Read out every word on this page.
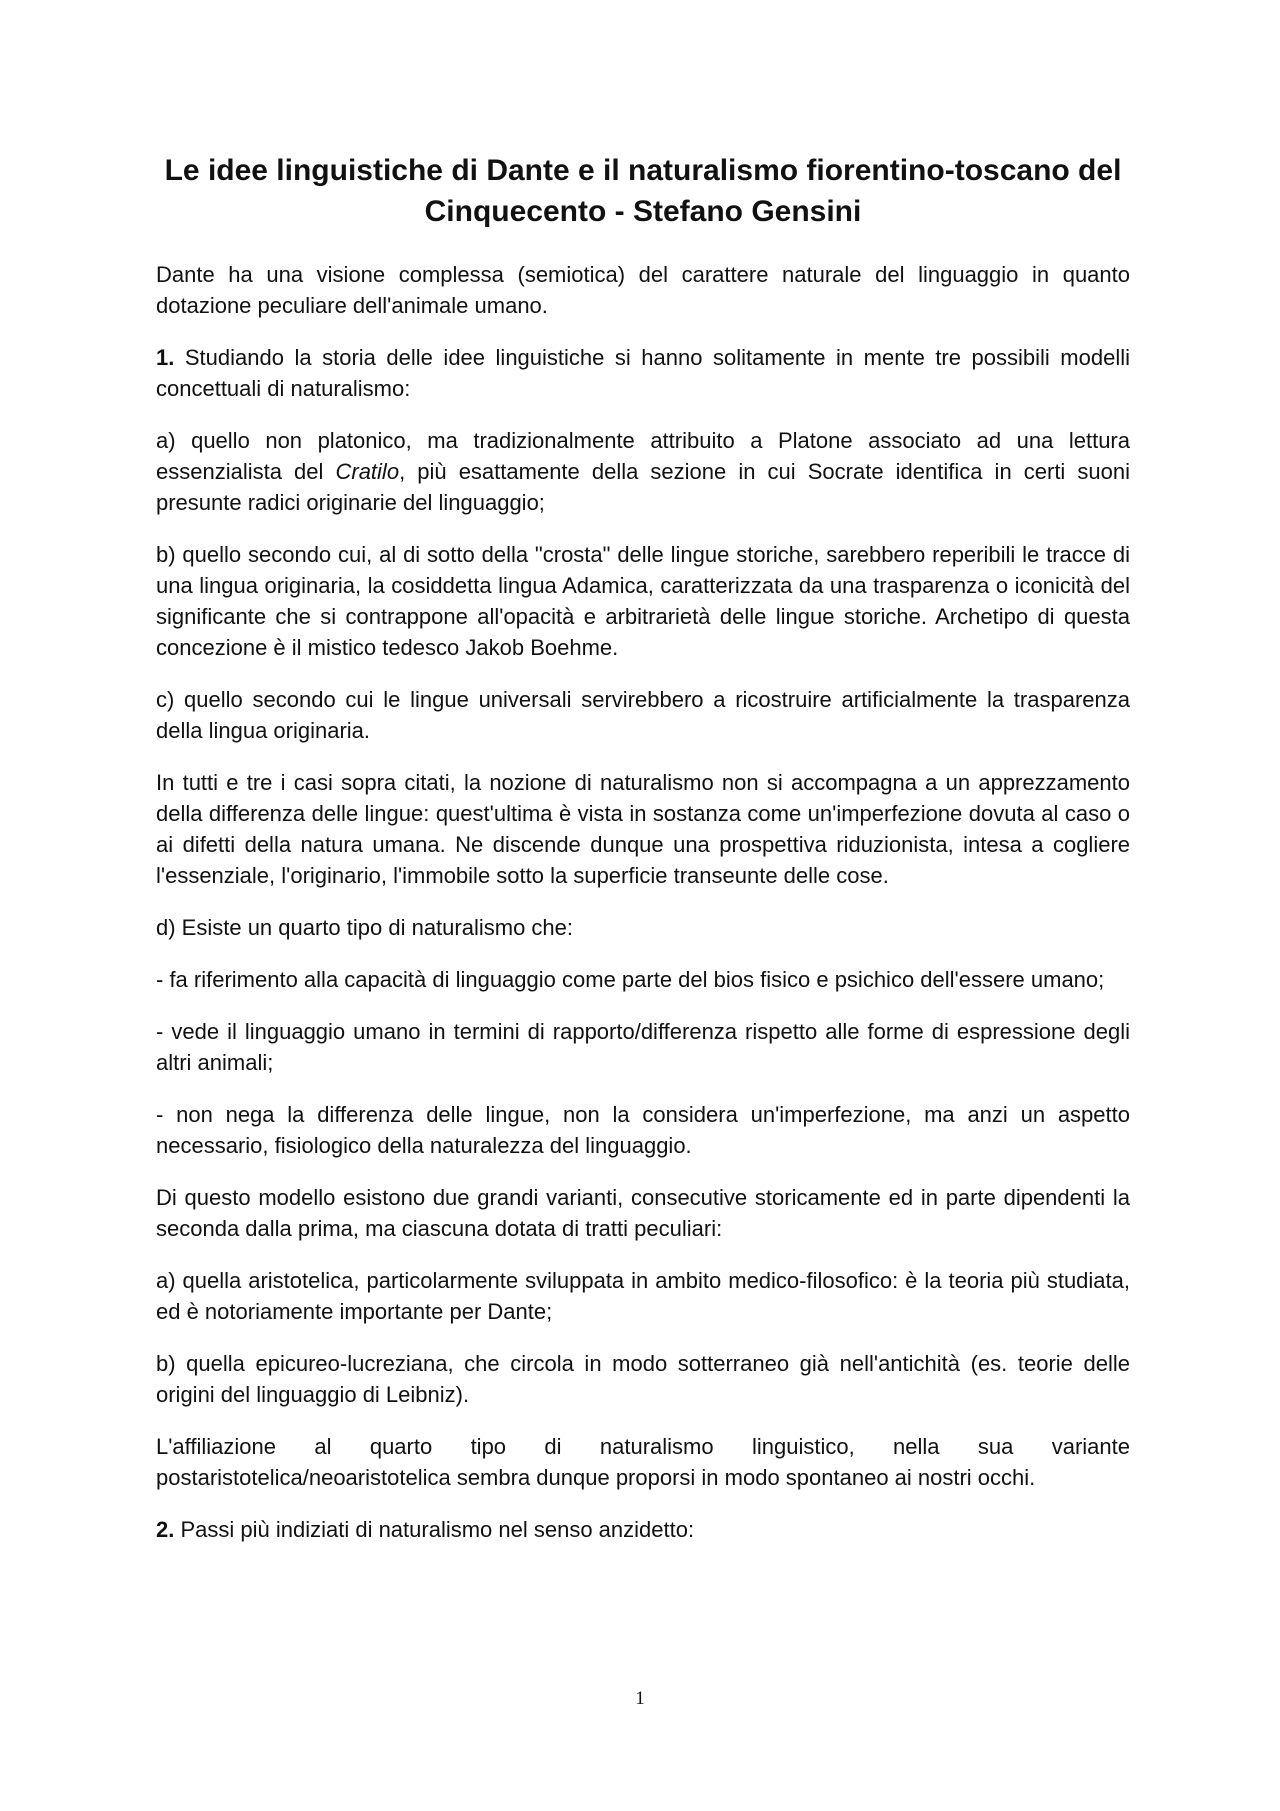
Le idee linguistiche di Dante e il naturalismo fiorentino-toscano del Cinquecento - Stefano Gensini

Dante ha una visione complessa (semiotica) del carattere naturale del linguaggio in quanto dotazione peculiare dell'animale umano.

1. Studiando la storia delle idee linguistiche si hanno solitamente in mente tre possibili modelli concettuali di naturalismo:

a) quello non platonico, ma tradizionalmente attribuito a Platone associato ad una lettura essenzialista del Cratilo, più esattamente della sezione in cui Socrate identifica in certi suoni presunte radici originarie del linguaggio;

b) quello secondo cui, al di sotto della "crosta" delle lingue storiche, sarebbero reperibili le tracce di una lingua originaria, la cosiddetta lingua Adamica, caratterizzata da una trasparenza o iconicità del significante che si contrappone all'opacità e arbitrarietà delle lingue storiche. Archetipo di questa concezione è il mistico tedesco Jakob Boehme.

c) quello secondo cui le lingue universali servirebbero a ricostruire artificialmente la trasparenza della lingua originaria.

In tutti e tre i casi sopra citati, la nozione di naturalismo non si accompagna a un apprezzamento della differenza delle lingue: quest'ultima è vista in sostanza come un'imperfezione dovuta al caso o ai difetti della natura umana. Ne discende dunque una prospettiva riduzionista, intesa a cogliere l'essenziale, l'originario, l'immobile sotto la superficie transeunte delle cose.

d) Esiste un quarto tipo di naturalismo che:

- fa riferimento alla capacità di linguaggio come parte del bios fisico e psichico dell'essere umano;

- vede il linguaggio umano in termini di rapporto/differenza rispetto alle forme di espressione degli altri animali;

- non nega la differenza delle lingue, non la considera un'imperfezione, ma anzi un aspetto necessario, fisiologico della naturalezza del linguaggio.

Di questo modello esistono due grandi varianti, consecutive storicamente ed in parte dipendenti la seconda dalla prima, ma ciascuna dotata di tratti peculiari:

a) quella aristotelica, particolarmente sviluppata in ambito medico-filosofico: è la teoria più studiata, ed è notoriamente importante per Dante;

b) quella epicureo-lucreziana, che circola in modo sotterraneo già nell'antichità (es. teorie delle origini del linguaggio di Leibniz).

L'affiliazione al quarto tipo di naturalismo linguistico, nella sua variante postaristotelica/neoaristotelica sembra dunque proporsi in modo spontaneo ai nostri occhi.

2. Passi più indiziati di naturalismo nel senso anzidetto:

1
